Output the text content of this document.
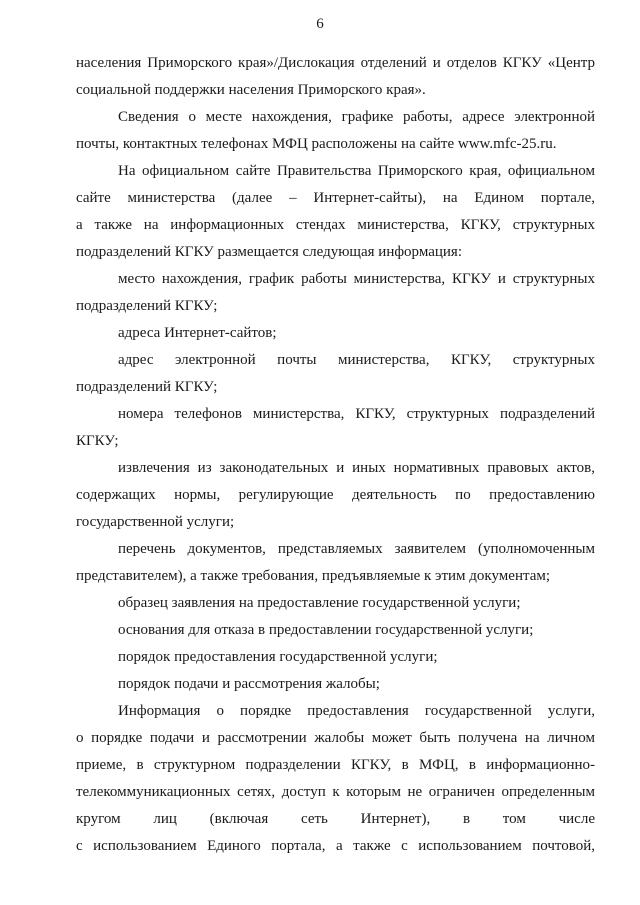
6
населения Приморского края»/Дислокация отделений и отделов КГКУ «Центр
социальной поддержки населения Приморского края».
Сведения о месте нахождения, графике работы, адресе электронной
почты, контактных телефонах МФЦ расположены на сайте www.mfc-25.ru.
На официальном сайте Правительства Приморского края, официальном
сайте министерства (далее – Интернет-сайты), на Едином портале,
а также на информационных стендах министерства, КГКУ, структурных
подразделений КГКУ размещается следующая информация:
место нахождения, график работы министерства, КГКУ и структурных
подразделений КГКУ;
адреса Интернет-сайтов;
адрес электронной почты министерства, КГКУ, структурных
подразделений КГКУ;
номера телефонов министерства, КГКУ, структурных подразделений
КГКУ;
извлечения из законодательных и иных нормативных правовых актов,
содержащих нормы, регулирующие деятельность по предоставлению
государственной услуги;
перечень документов, представляемых заявителем (уполномоченным
представителем), а также требования, предъявляемые к этим документам;
образец заявления на предоставление государственной услуги;
основания для отказа в предоставлении государственной услуги;
порядок предоставления государственной услуги;
порядок подачи и рассмотрения жалобы;
Информация о порядке предоставления государственной услуги,
о порядке подачи и рассмотрении жалобы может быть получена на личном
приеме, в структурном подразделении КГКУ, в МФЦ, в информационно-
телекоммуникационных сетях, доступ к которым не ограничен определенным
кругом лиц (включая сеть Интернет), в том числе
с использованием Единого портала, а также с использованием почтовой,
